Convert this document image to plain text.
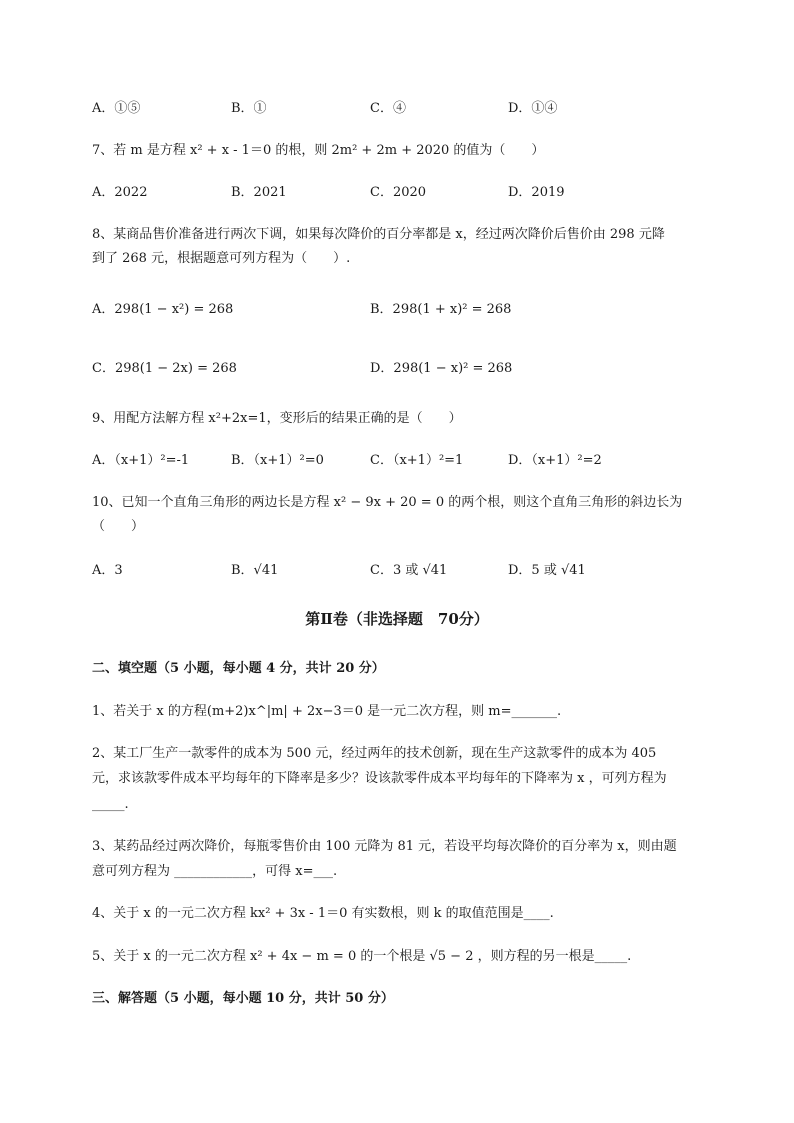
A．①⑤	B．①	C．④	D．①④
7、若 m 是方程 x² + x - 1＝0 的根，则 2m² + 2m + 2020 的值为（　　）
A．2022	B．2021	C．2020	D．2019
8、某商品售价准备进行两次下调，如果每次降价的百分率都是 x，经过两次降价后售价由 298 元降
到了 268 元，根据题意可列方程为（　　）.
A．298(1 − x²) = 268	B．298(1 + x)² = 268
C．298(1 − 2x) = 268	D．298(1 − x)² = 268
9、用配方法解方程 x²+2x=1，变形后的结果正确的是（　　）
A．（x+1）²=-1	B．（x+1）²=0	C．（x+1）²=1	D．（x+1）²=2
10、已知一个直角三角形的两边长是方程 x² − 9x + 20 = 0 的两个根，则这个直角三角形的斜边长为
（　　）
A．3	B．√41	C．3 或 √41	D．5 或 √41
第Ⅱ卷（非选择题　70分）
二、填空题（5 小题，每小题 4 分，共计 20 分）
1、若关于 x 的方程(m+2)x^|m| + 2x−3＝0 是一元二次方程，则 m=_______.
2、某工厂生产一款零件的成本为 500 元，经过两年的技术创新，现在生产这款零件的成本为 405
元，求该款零件成本平均每年的下降率是多少？设该款零件成本平均每年的下降率为 x ，可列方程为
_____.
3、某药品经过两次降价，每瓶零售价由 100 元降为 81 元，若设平均每次降价的百分率为 x，则由题
意可列方程为 ____________，可得 x=___.
4、关于 x 的一元二次方程 kx² + 3x - 1＝0 有实数根，则 k 的取值范围是____.
5、关于 x 的一元二次方程 x² + 4x − m = 0 的一个根是 √5 − 2 ，则方程的另一根是_____.
三、解答题（5 小题，每小题 10 分，共计 50 分）
